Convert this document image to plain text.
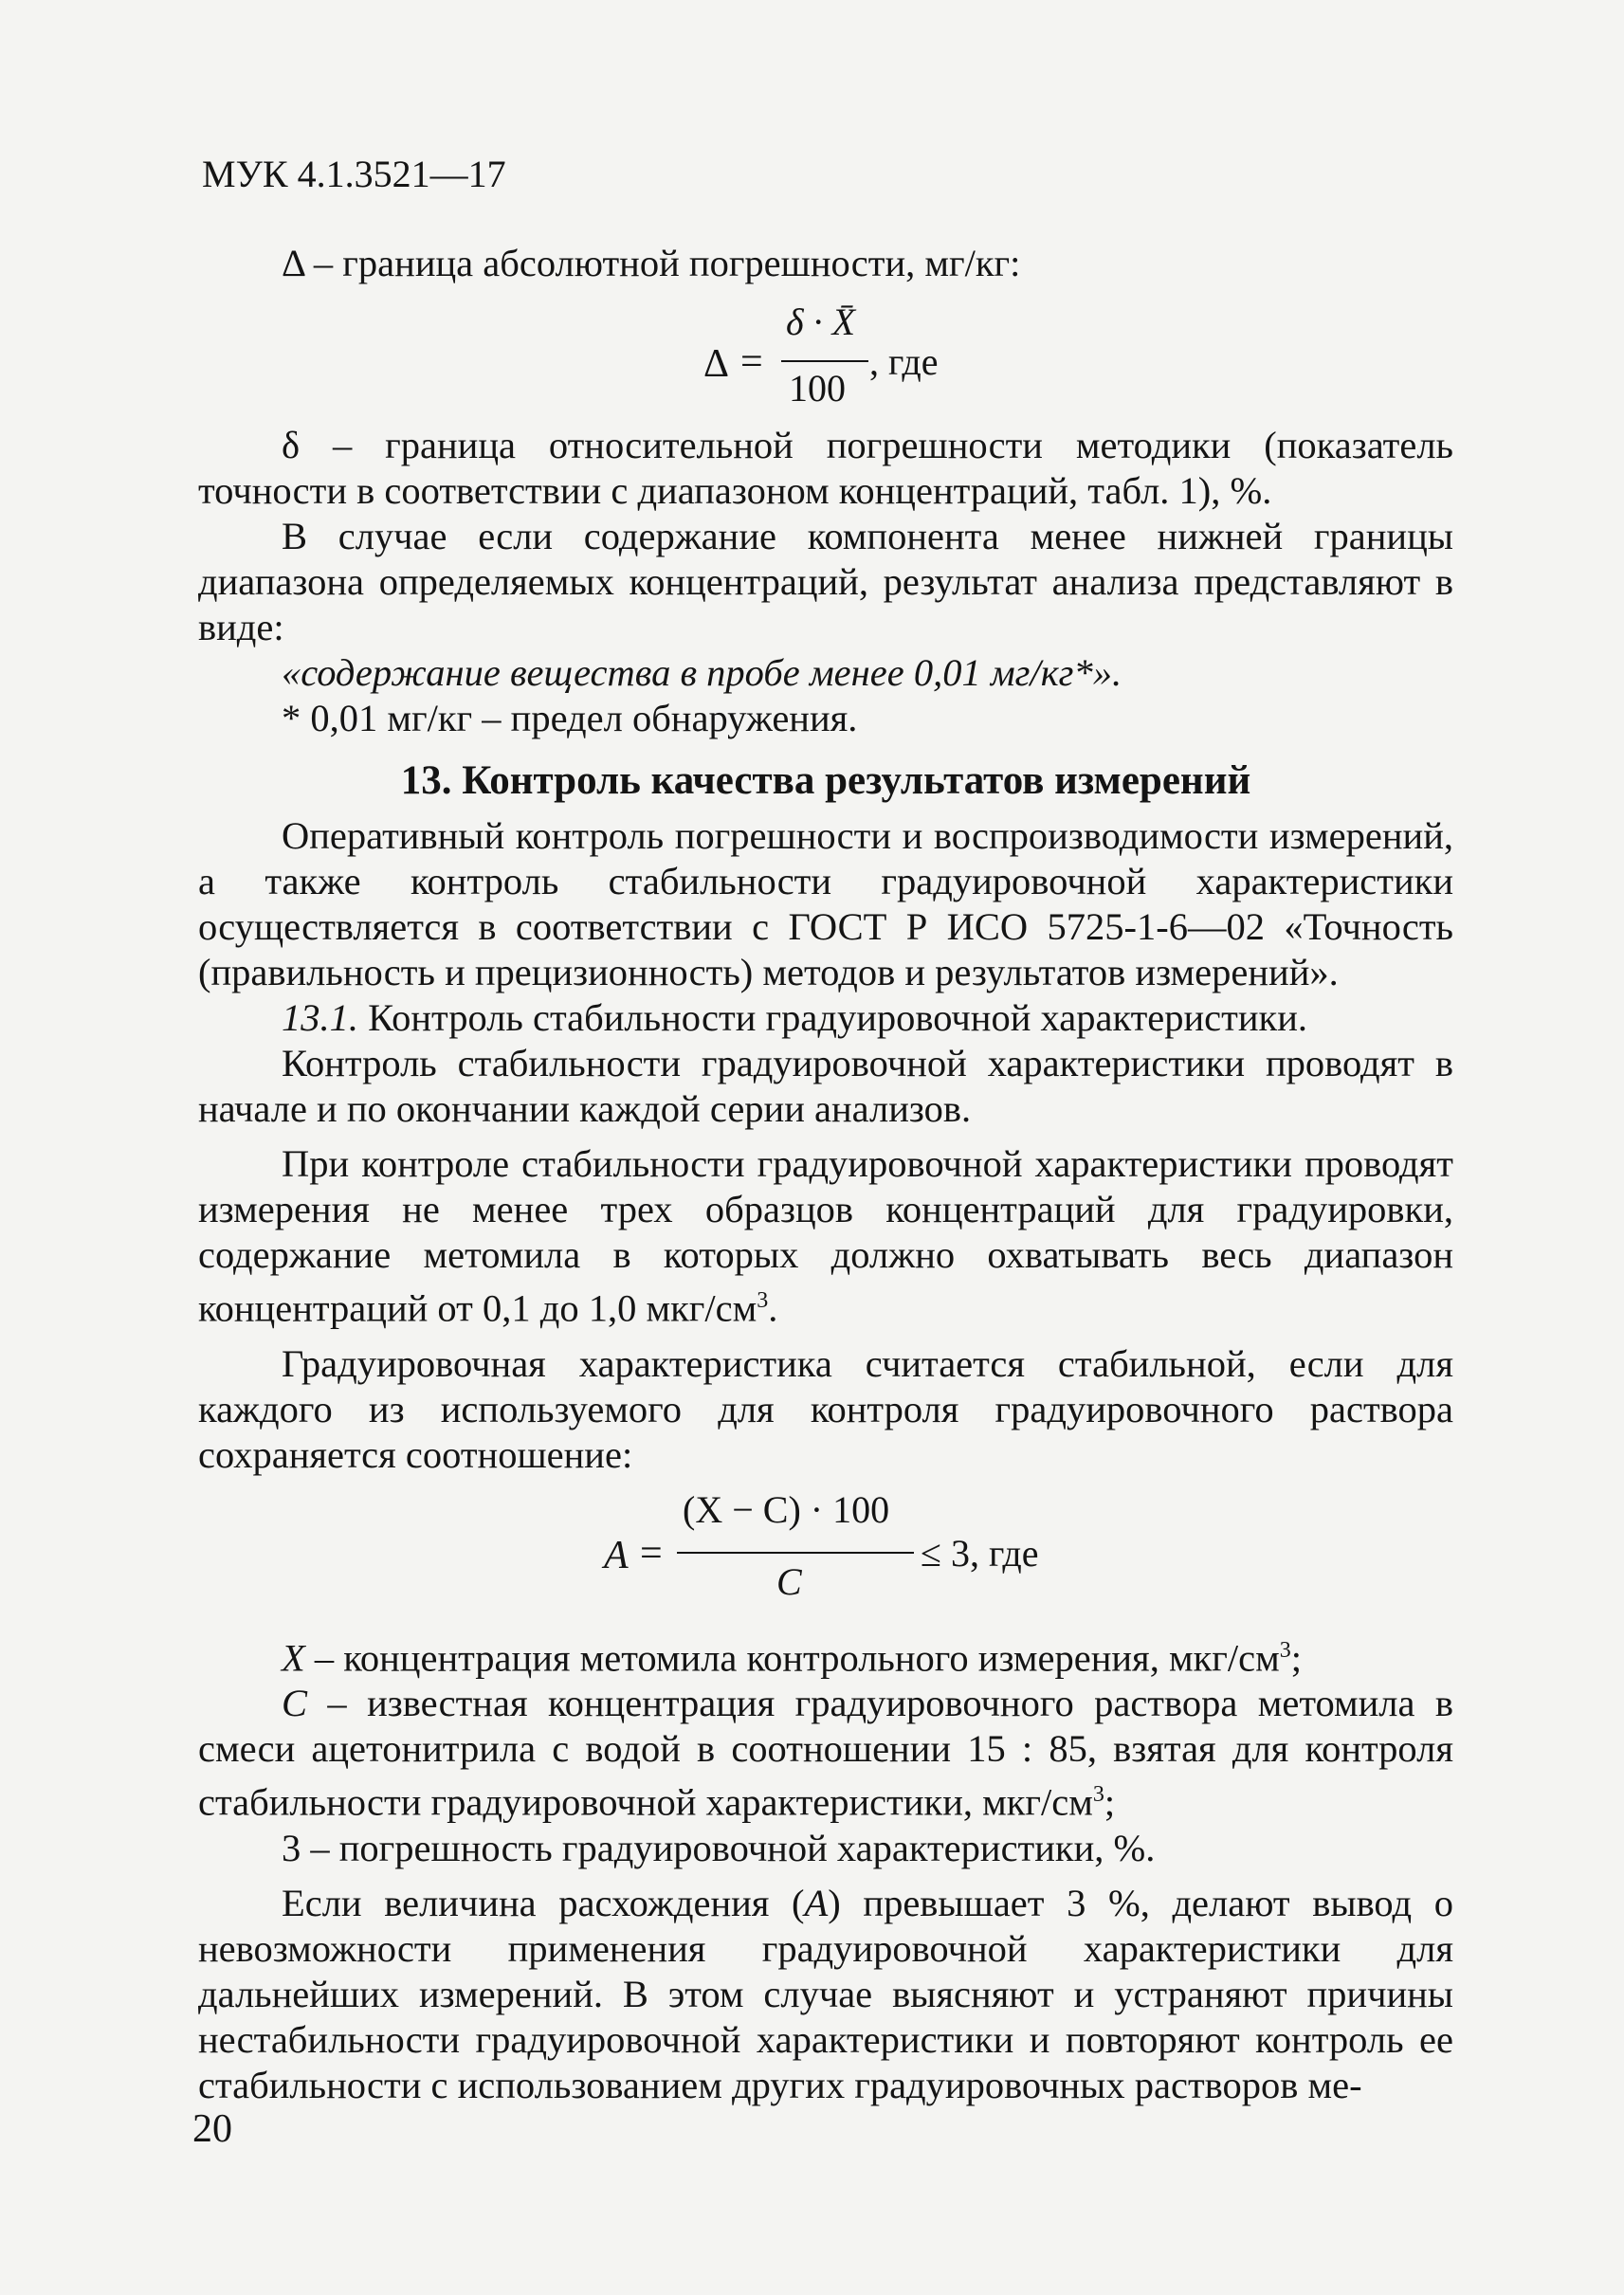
МУК 4.1.3521—17

Δ – граница абсолютной погрешности, мг/кг:

Δ =
δ · X̄
100
, где

δ – граница относительной погрешности методики (показатель точности в соответствии с диапазоном концентраций, табл. 1), %.

В случае если содержание компонента менее нижней границы диапазона определяемых концентраций, результат анализа представляют в виде:

«содержание вещества в пробе менее 0,01 мг/кг*».

* 0,01 мг/кг – предел обнаружения.

13. Контроль качества результатов измерений

Оперативный контроль погрешности и воспроизводимости измерений, а также контроль стабильности градуировочной характеристики осуществляется в соответствии с ГОСТ Р ИСО 5725-1-6—02 «Точность (правильность и прецизионность) методов и результатов измерений».

13.1. Контроль стабильности градуировочной характеристики.

Контроль стабильности градуировочной характеристики проводят в начале и по окончании каждой серии анализов.

При контроле стабильности градуировочной характеристики проводят измерения не менее трех образцов концентраций для градуировки, содержание метомила в которых должно охватывать весь диапазон концентраций от 0,1 до 1,0 мкг/$см^3$.

Градуировочная характеристика считается стабильной, если для каждого из используемого для контроля градуировочного раствора сохраняется соотношение:

A =
(X − C) · 100
C
≤ 3, где

X – концентрация метомила контрольного измерения, мкг/$см^3$;

C – известная концентрация градуировочного раствора метомила в смеси ацетонитрила с водой в соотношении 15 : 85, взятая для контроля стабильности градуировочной характеристики, мкг/$см^3$;

3 – погрешность градуировочной характеристики, %.

Если величина расхождения (A) превышает 3 %, делают вывод о невозможности применения градуировочной характеристики для дальнейших измерений. В этом случае выясняют и устраняют причины нестабильности градуировочной характеристики и повторяют контроль ее стабильности с использованием других градуировочных растворов ме-

20
